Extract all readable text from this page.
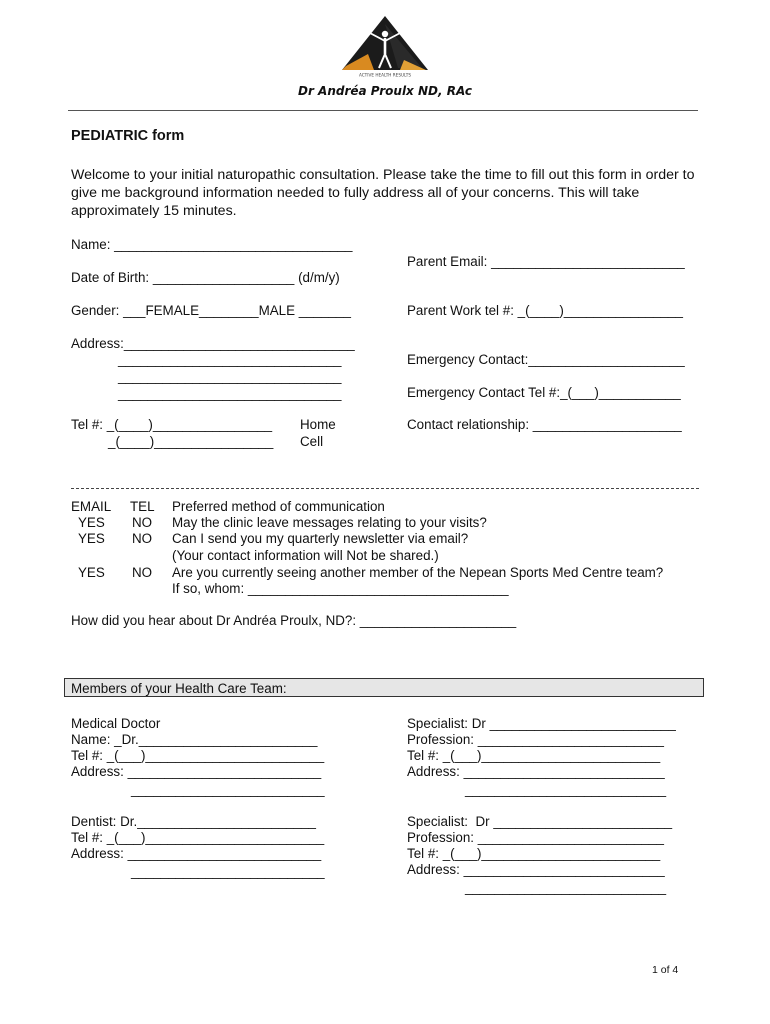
ACTIVE HEALTH RESULTS
Dr Andréa Proulx ND, RAc
PEDIATRIC form
Welcome to your initial naturopathic consultation. Please take the time to fill out this form in order to give me background information needed to fully address all of your concerns. This will take approximately 15 minutes.
Name: ________________________________
Date of Birth: ___________________ (d/m/y)
Gender: ___FEMALE________MALE _______
Address:_______________________________
______________________________
______________________________
______________________________
Tel #: _(____)________________
_(____)________________
Home
Cell
Parent Email: __________________________
Parent Work tel #: _(____)________________
Emergency Contact:_____________________
Emergency Contact Tel #:_(___)___________
Contact relationship: ____________________
EMAIL TEL Preferred method of communication
YES NO May the clinic leave messages relating to your visits?
YES NO Can I send you my quarterly newsletter via email?
(Your contact information will Not be shared.)
YES NO Are you currently seeing another member of the Nepean Sports Med Centre team?
If so, whom: ___________________________________
How did you hear about Dr Andréa Proulx, ND?: _____________________
Members of your Health Care Team:
Medical Doctor
Name: _Dr.________________________
Tel #: _(___)________________________
Address: __________________________
__________________________
Dentist: Dr.________________________
Tel #: _(___)________________________
Address: __________________________
__________________________
Specialist: Dr _________________________
Profession: _________________________
Tel #: _(___)________________________
Address: ___________________________
___________________________
Specialist:  Dr ________________________
Profession: _________________________
Tel #: _(___)________________________
Address: ___________________________
___________________________
1 of 4
